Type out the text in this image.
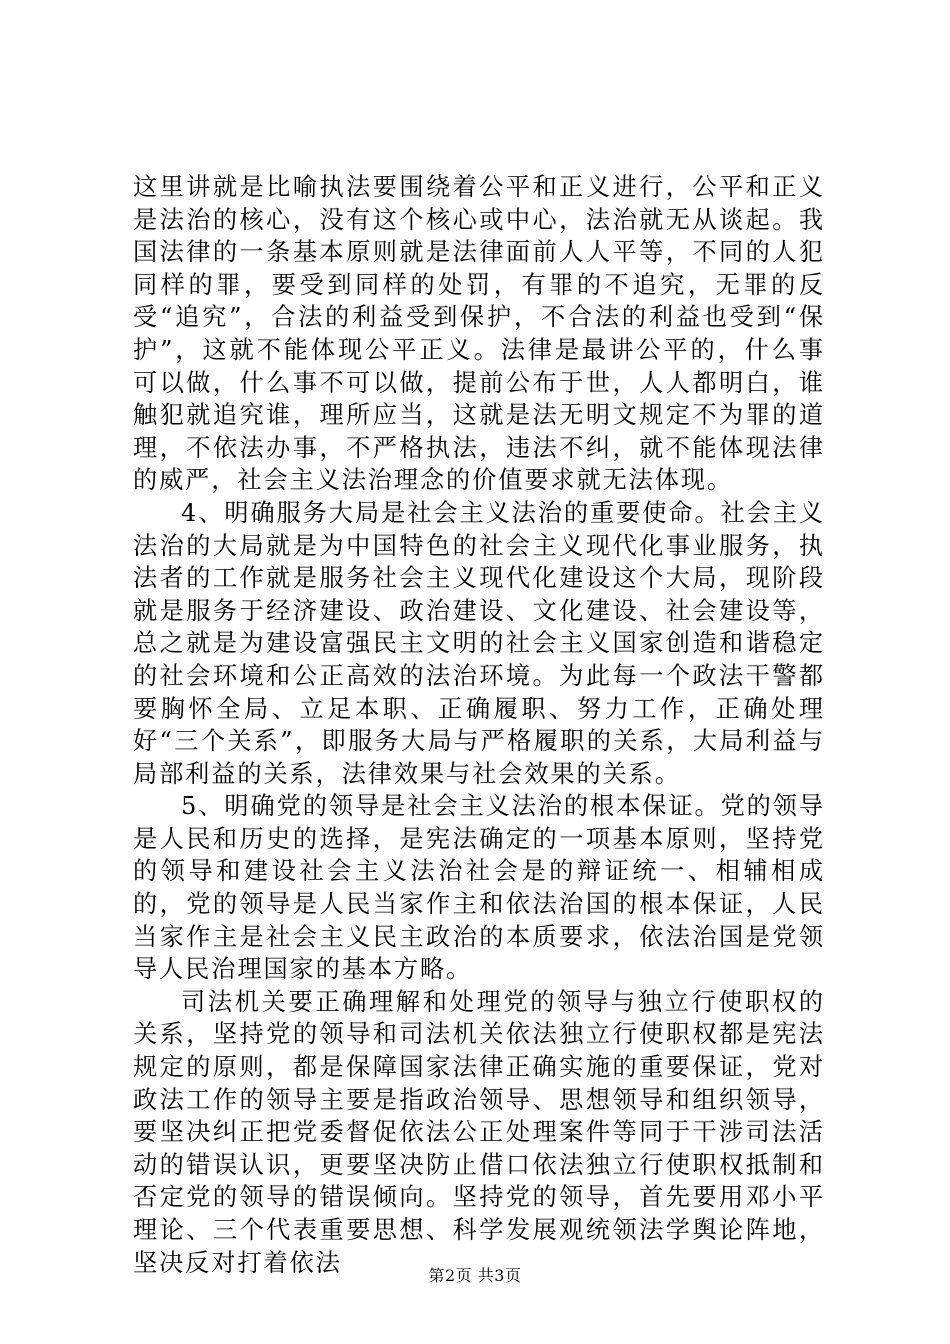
这里讲就是比喻执法要围绕着公平和正义进行，公平和正义是法治的核心，没有这个核心或中心，法治就无从谈起。我国法律的一条基本原则就是法律面前人人平等，不同的人犯同样的罪，要受到同样的处罚，有罪的不追究，无罪的反受“追究”，合法的利益受到保护，不合法的利益也受到“保护”，这就不能体现公平正义。法律是最讲公平的，什么事可以做，什么事不可以做，提前公布于世，人人都明白，谁触犯就追究谁，理所应当，这就是法无明文规定不为罪的道理，不依法办事，不严格执法，违法不纠，就不能体现法律的威严，社会主义法治理念的价值要求就无法体现。

4、明确服务大局是社会主义法治的重要使命。社会主义法治的大局就是为中国特色的社会主义现代化事业服务，执法者的工作就是服务社会主义现代化建设这个大局，现阶段就是服务于经济建设、政治建设、文化建设、社会建设等，总之就是为建设富强民主文明的社会主义国家创造和谐稳定的社会环境和公正高效的法治环境。为此每一个政法干警都要胸怀全局、立足本职、正确履职、努力工作，正确处理好“三个关系”，即服务大局与严格履职的关系，大局利益与局部利益的关系，法律效果与社会效果的关系。

5、明确党的领导是社会主义法治的根本保证。党的领导是人民和历史的选择，是宪法确定的一项基本原则，坚持党的领导和建设社会主义法治社会是的辩证统一、相辅相成的，党的领导是人民当家作主和依法治国的根本保证，人民当家作主是社会主义民主政治的本质要求，依法治国是党领导人民治理国家的基本方略。

司法机关要正确理解和处理党的领导与独立行使职权的关系，坚持党的领导和司法机关依法独立行使职权都是宪法规定的原则，都是保障国家法律正确实施的重要保证，党对政法工作的领导主要是指政治领导、思想领导和组织领导，要坚决纠正把党委督促依法公正处理案件等同于干涉司法活动的错误认识，更要坚决防止借口依法独立行使职权抵制和否定党的领导的错误倾向。坚持党的领导，首先要用邓小平理论、三个代表重要思想、科学发展观统领法学舆论阵地，坚决反对打着依法	第2页 共3页
